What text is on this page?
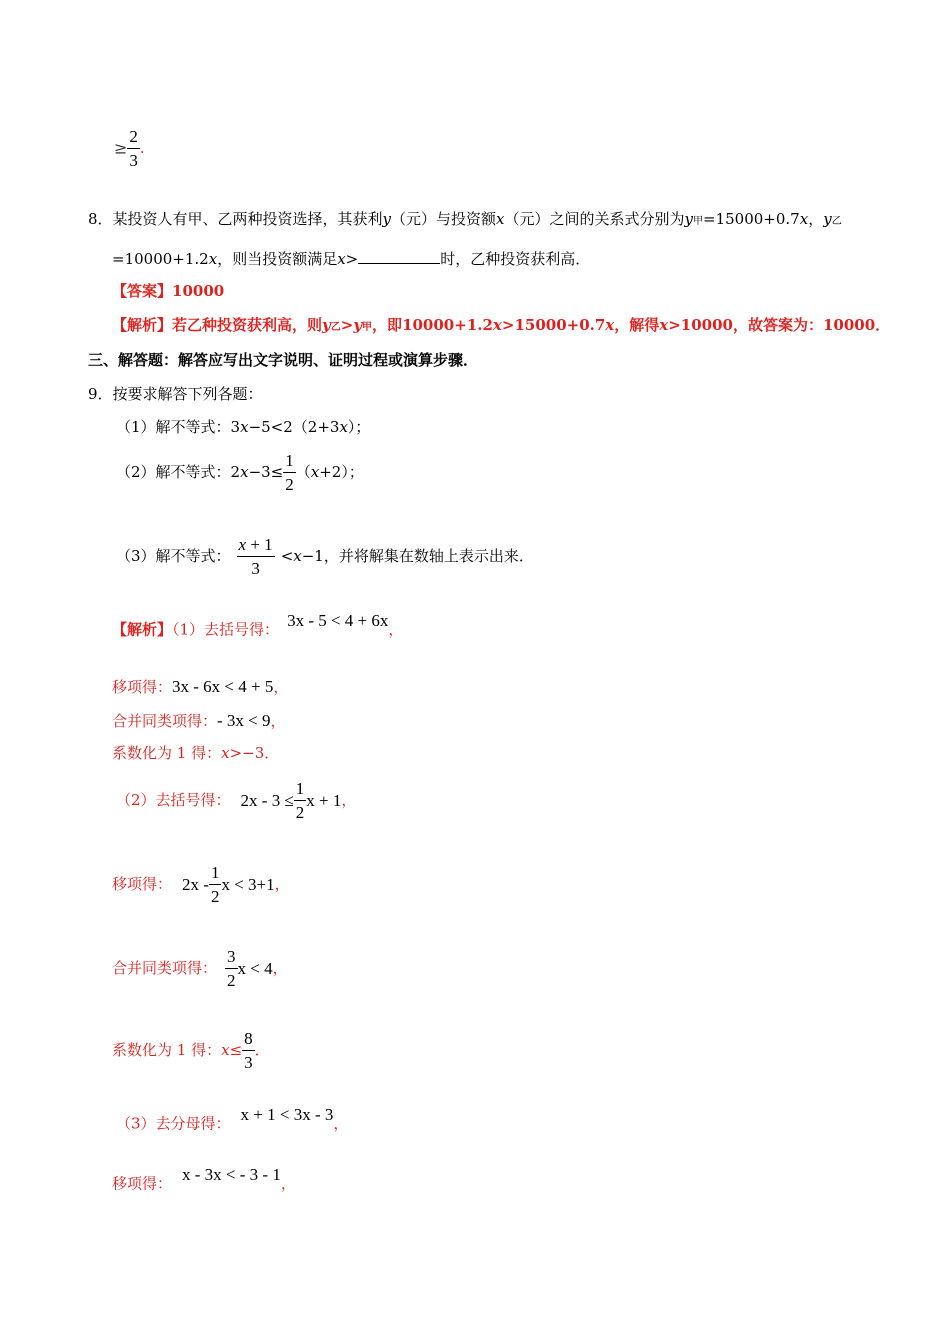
≥ $\frac{2}{3}$ .
8．某投资人有甲、乙两种投资选择，其获利y（元）与投资额x（元）之间的关系式分别为y甲=15000+0.7x，y乙
=10000+1.2x，则当投资额满足x>	时，乙种投资获利高．
【答案】10000
【解析】若乙种投资获利高，则y乙>y甲，即10000+1.2x>15000+0.7x，解得x>10000，故答案为：10000．
三、解答题：解答应写出文字说明、证明过程或演算步骤．
9．按要求解答下列各题：
（1）解不等式：3x−5<2（2+3x）；
（2）解不等式：$2x-3\le \frac{1}{2} (x+2)$；
（3）解不等式： $\frac{x + 1}{3} <x-1$，并将解集在数轴上表示出来．
【解析】（1）去括号得： 3x - 5 < 4 + 6x，
移项得：3x - 6x < 4 + 5，
合并同类项得：- 3x < 9，
系数化为 1 得：x>−3．
（2）去括号得： $2x - 3 \le \frac{1}{2}$ x + 1，
移项得： $2x - \frac{1}{2}$ x < 3+1，
合并同类项得： $\frac{3}{2}$ x < 4，
系数化为 1 得：$x\le \frac{8}{3}$ ．
（3）去分母得： x + 1 < 3x - 3，
移项得： x - 3x < - 3 - 1，
